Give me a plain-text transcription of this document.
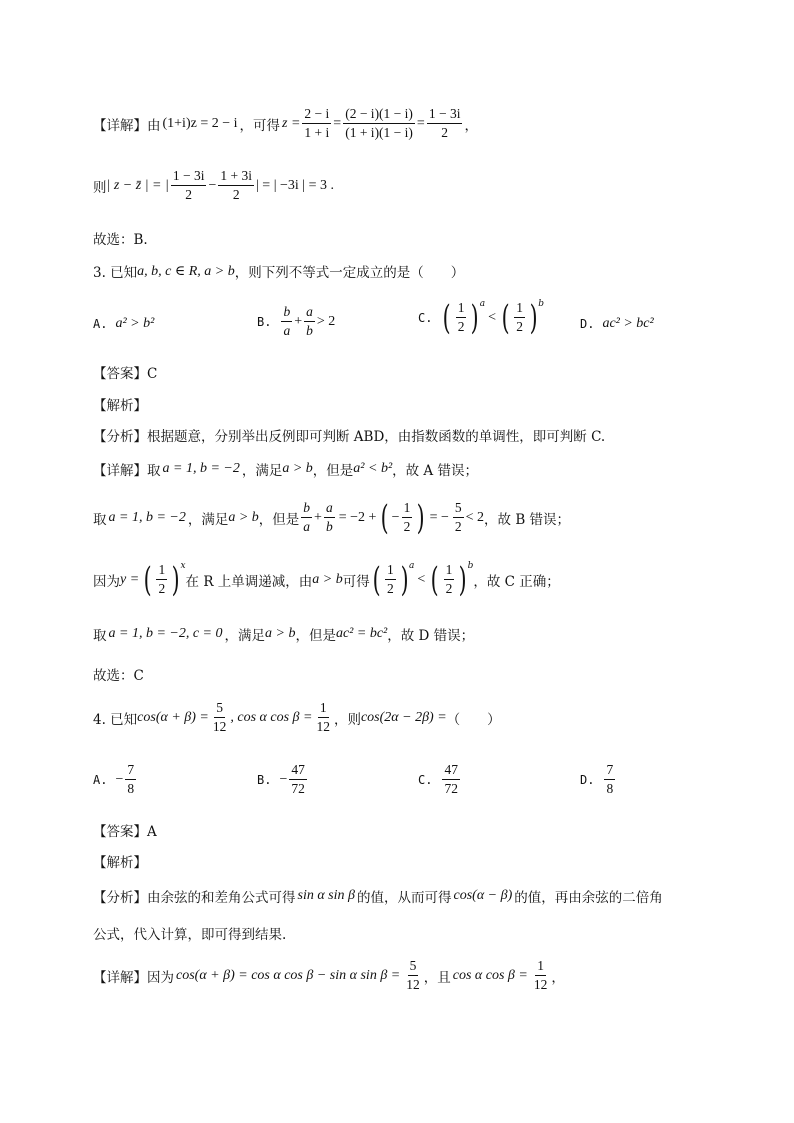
【详解】 由 (1+i)z = 2 − i ，可得 $z = \frac{2 - i}{1 + i} = \frac{(2 - i)(1 - i)}{(1 + i)(1 - i)} = \frac{1 - 3i}{2}$ ，
则 | z − z̄ | = | $\frac{1 - 3i}{2} - \frac{1 + 3i}{2}$ | = | −3i | = 3 .
故选：B.
3. 已知 a, b, c ∈ R, a > b ，则下列不等式一定成立的是（　　）
A. a² > b²	B. $\frac{b}{a} + \frac{a}{b} > 2$	C. ( $\frac{1}{2} )^a$
< ( $\frac{1}{2} )^b$
D. ac² > bc²
【答案】C
【解析】
【分析】根据题意，分别举出反例即可判断 ABD，由指数函数的单调性，即可判断 C.
【详解】 取 a = 1, b = −2 ，满足 a > b ，但是 a² < b² ，故 A 错误；
取 a = 1, b = −2 ，满足 a > b ，但是 $\frac{b}{a} + \frac{a}{b} = -2$ + ( − $\frac{1}{2}$ ) = − $\frac{5}{2} < 2$ ，故 B 错误；
因为 y = ( $\frac{1}{2} )^x$
在 R 上单调递减，由 a > b 可得 ( $\frac{1}{2} )^a$
< ( $\frac{1}{2} )^b$
，故 C 正确；
取 a = 1, b = −2, c = 0 ，满足 a > b ，但是 ac² = bc² ，故 D 错误；
故选：C
4. 已知 $\cos(\alpha + \beta) = \frac{5}{12}$ , cos α $\cos \beta = \frac{1}{12}$ ，则 cos(2α − 2β) = （　　）
A. − $\frac{7}{8}$	B. − $\frac{47}{72}$	C. $\frac{47}{72}$	D. $\frac{7}{8}$
【答案】A
【解析】
【分析】由余弦的和差角公式可得 sin α sin β 的值，从而可得 cos(α − β) 的值，再由余弦的二倍角
公式，代入计算，即可得到结果.
【详解】 因为 cos(α + β) = cos α cos β − sin α $\sin \beta = \frac{5}{12}$ ，且 cos α $\cos \beta = \frac{1}{12}$ ，
